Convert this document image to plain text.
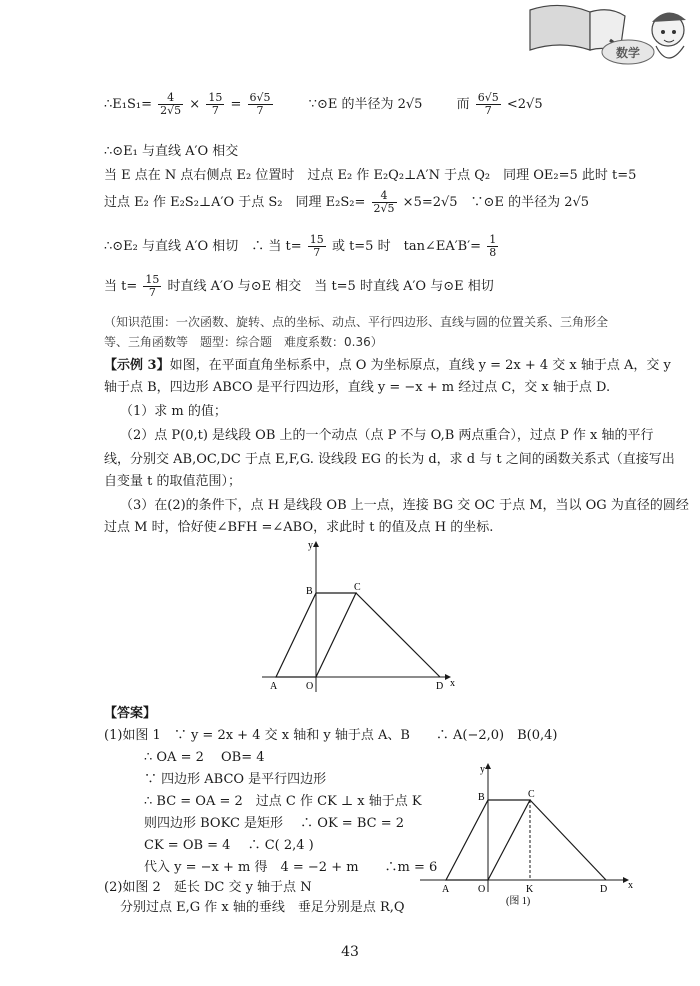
数学
∴E₁S₁= $\frac{4}{2√5} \times \frac{15}{7} = \frac{6√5}{7}$	∵⊙E 的半径为 2√5	而 $\frac{6√5}{7} <2√5$
∴⊙E₁ 与直线 A′O 相交
当 E 点在 N 点右侧点 E₂ 位置时　过点 E₂ 作 E₂Q₂⊥A′N 于点 Q₂　同理 OE₂=5 此时 t=5
过点 E₂ 作 E₂S₂⊥A′O 于点 S₂　同理 $E_2S_2= \frac{4}{2√5} \times 5=2√5$　∵⊙E 的半径为 2√5
∴⊙E₂ 与直线 A′O 相切　∴ 当 $t= \frac{15}{7}$ 或 t=5 时　tan∠EA′B′= $\frac{1}{8}$
当 $t= \frac{15}{7}$ 时直线 A′O 与⊙E 相交　当 t=5 时直线 A′O 与⊙E 相切
（知识范围：一次函数、旋转、点的坐标、动点、平行四边形、直线与圆的位置关系、三角形全
等、三角函数等　题型：综合题　难度系数：0.36）
【示例 3】如图，在平面直角坐标系中，点 O 为坐标原点，直线 y = 2x + 4 交 x 轴于点 A，交 y
轴于点 B，四边形 ABCO 是平行四边形，直线 y = −x + m 经过点 C，交 x 轴于点 D.
（1）求 m 的值；
（2）点 P(0,t) 是线段 OB 上的一个动点（点 P 不与 O,B 两点重合），过点 P 作 x 轴的平行
线，分别交 AB,OC,DC 于点 E,F,G. 设线段 EG 的长为 d，求 d 与 t 之间的函数关系式（直接写出
自变量 t 的取值范围）；
（3）在(2)的条件下，点 H 是线段 OB 上一点，连接 BG 交 OC 于点 M，当以 OG 为直径的圆经
过点 M 时，恰好使∠BFH =∠ABO，求此时 t 的值及点 H 的坐标.
y
x
A	O	D
B	C
【答案】
(1)如图 1　∵ y = 2x + 4 交 x 轴和 y 轴于点 A、B　　∴ A(−2,0)　B(0,4)
∴ OA = 2　 OB= 4
∵ 四边形 ABCO 是平行四边形
∴ BC = OA = 2　过点 C 作 CK ⊥ x 轴于点 K
则四边形 BOKC 是矩形　 ∴ OK = BC = 2
CK = OB = 4　 ∴ C( 2,4 )
代入 y = −x + m 得　4 = −2 + m　　∴m = 6
(2)如图 2　延长 DC 交 y 轴于点 N
分别过点 E,G 作 x 轴的垂线　垂足分别是点 R,Q
y
x
A	O	K	D
B	C
(图 1)
43
